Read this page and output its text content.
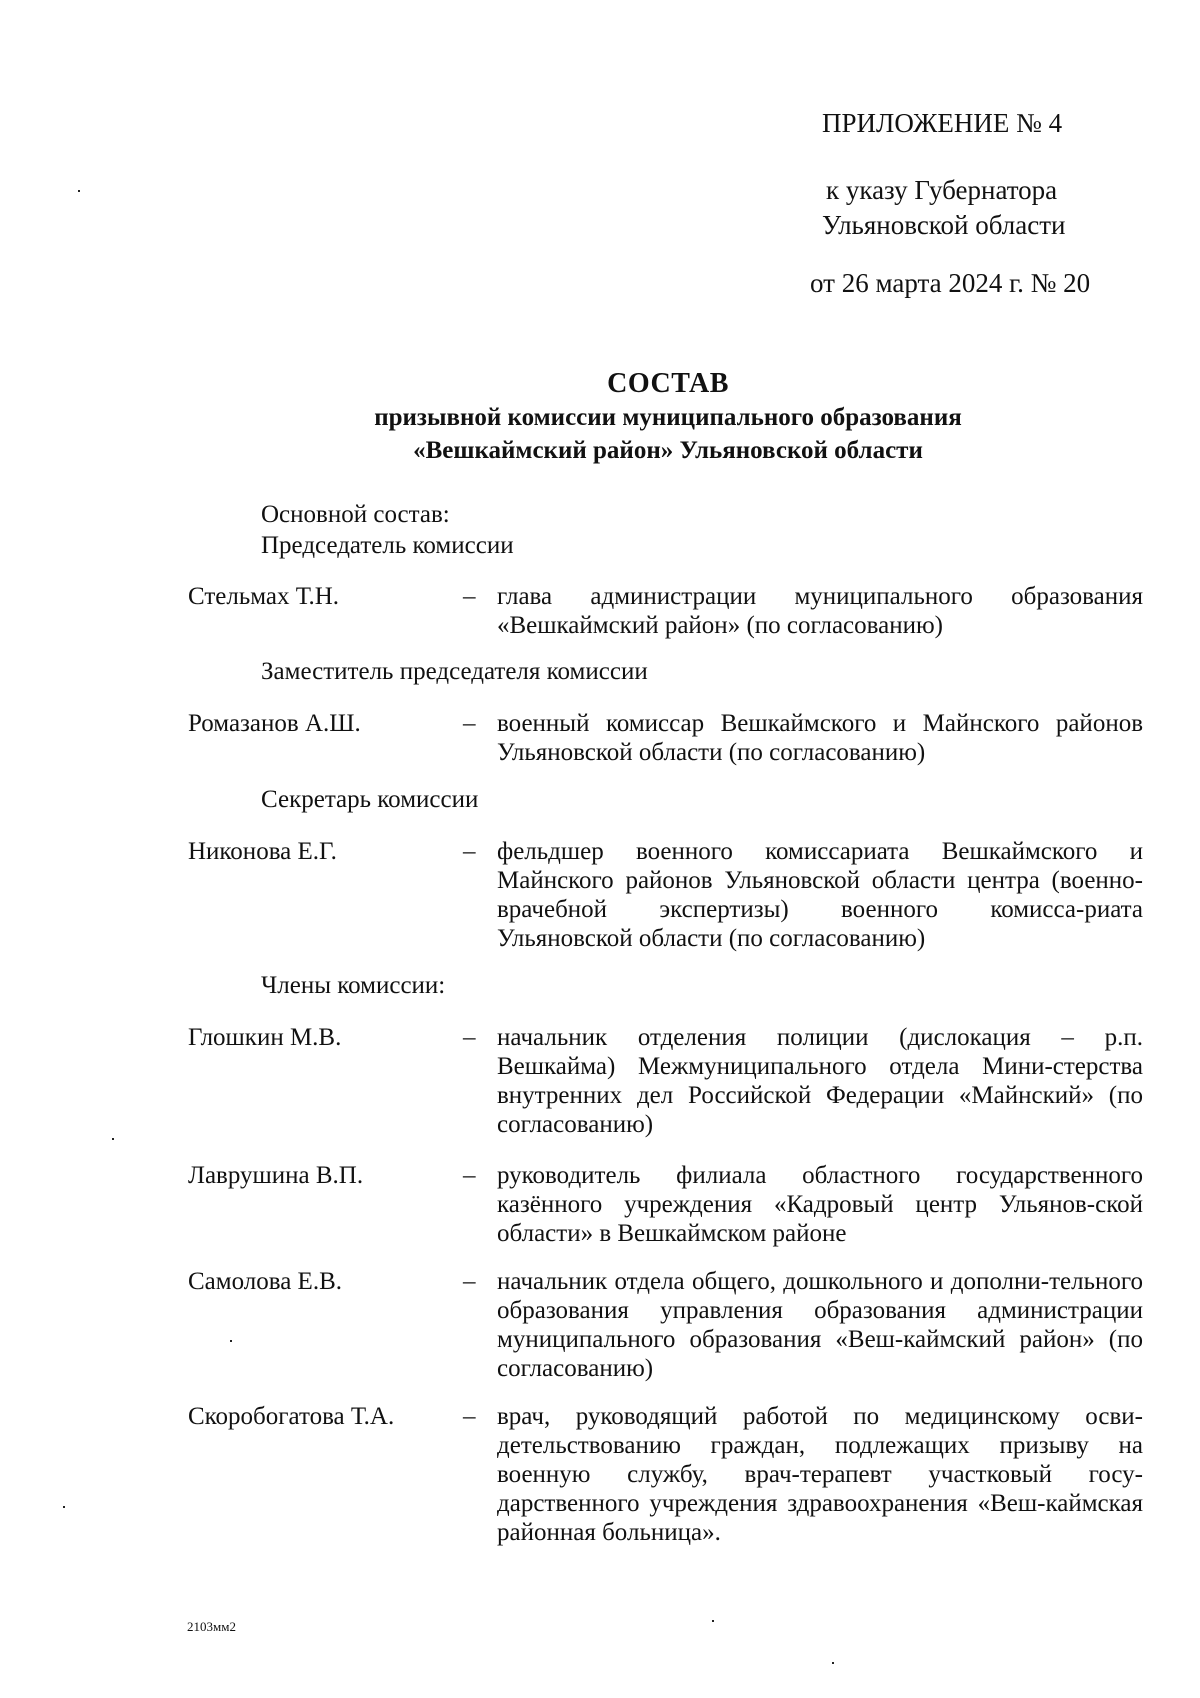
ПРИЛОЖЕНИЕ № 4
к указу Губернатора
Ульяновской области
от 26 марта 2024 г. № 20
СОСТАВ
призывной комиссии муниципального образования
«Вешкаймский район» Ульяновской области
Основной состав:
Председатель комиссии
Стельмах Т.Н.	– глава администрации муниципального образования «Вешкаймский район» (по согласованию)
Заместитель председателя комиссии
Ромазанов А.Ш.	– военный комиссар Вешкаймского и Майнского районов Ульяновской области (по согласованию)
Секретарь комиссии
Никонова Е.Г.	– фельдшер военного комиссариата Вешкаймского и Майнского районов Ульяновской области центра (военно-врачебной экспертизы) военного комисса-риата Ульяновской области (по согласованию)
Члены комиссии:
Глошкин М.В.	– начальник отделения полиции (дислокация – р.п. Вешкайма) Межмуниципального отдела Мини-стерства внутренних дел Российской Федерации «Майнский» (по согласованию)
Лаврушина В.П.	– руководитель филиала областного государственного казённого учреждения «Кадровый центр Ульянов-ской области» в Вешкаймском районе
Самолова Е.В.	– начальник отдела общего, дошкольного и дополни-тельного образования управления образования администрации муниципального образования «Веш-каймский район» (по согласованию)
Скоробогатова Т.А.	– врач, руководящий работой по медицинскому осви-детельствованию граждан, подлежащих призыву на военную службу, врач-терапевт участковый госу-дарственного учреждения здравоохранения «Веш-каймская районная больница».
2103мм2
